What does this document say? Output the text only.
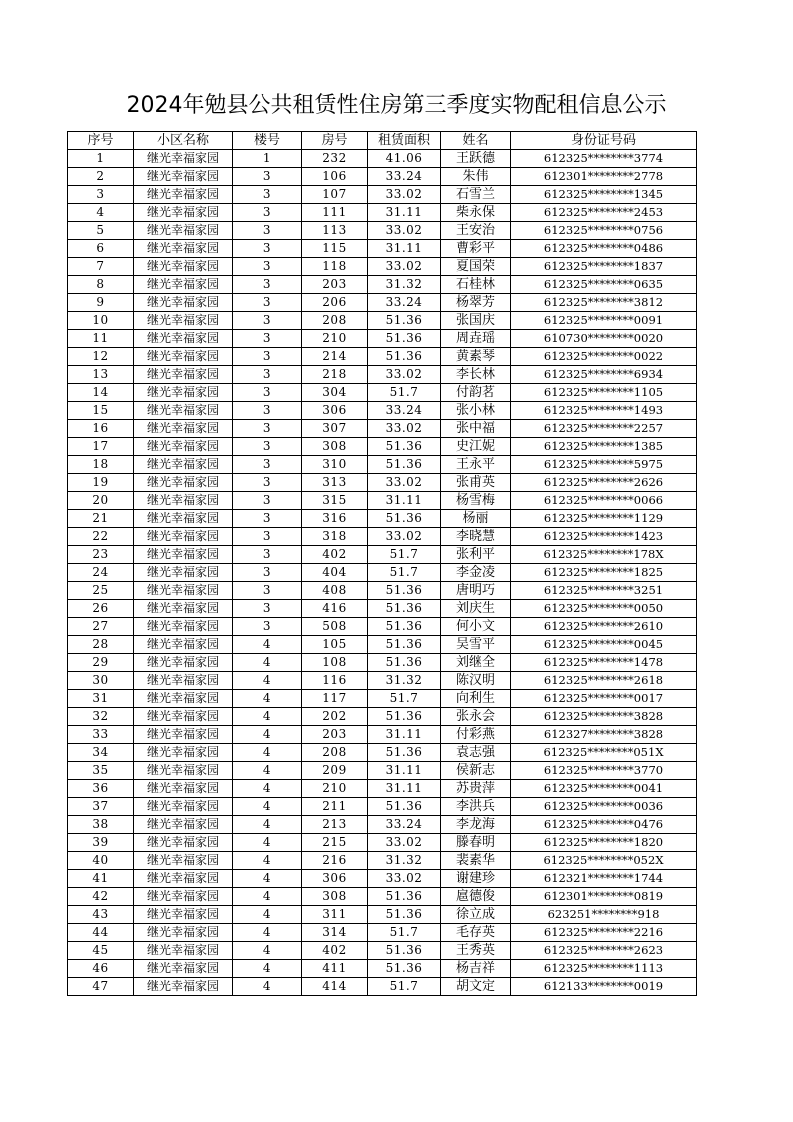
2024年勉县公共租赁性住房第三季度实物配租信息公示
序号	小区名称	楼号	房号	租赁面积	姓名	身份证号码
1	继光幸福家园	1	232	41.06	王跃德	612325********3774
2	继光幸福家园	3	106	33.24	朱伟	612301********2778
3	继光幸福家园	3	107	33.02	石雪兰	612325********1345
4	继光幸福家园	3	111	31.11	柴永保	612325********2453
5	继光幸福家园	3	113	33.02	王安治	612325********0756
6	继光幸福家园	3	115	31.11	曹彩平	612325********0486
7	继光幸福家园	3	118	33.02	夏国荣	612325********1837
8	继光幸福家园	3	203	31.32	石桂林	612325********0635
9	继光幸福家园	3	206	33.24	杨翠芳	612325********3812
10	继光幸福家园	3	208	51.36	张国庆	612325********0091
11	继光幸福家园	3	210	51.36	周垚瑶	610730********0020
12	继光幸福家园	3	214	51.36	黄素琴	612325********0022
13	继光幸福家园	3	218	33.02	李长林	612325********6934
14	继光幸福家园	3	304	51.7	付韵茗	612325********1105
15	继光幸福家园	3	306	33.24	张小林	612325********1493
16	继光幸福家园	3	307	33.02	张中福	612325********2257
17	继光幸福家园	3	308	51.36	史江妮	612325********1385
18	继光幸福家园	3	310	51.36	王永平	612325********5975
19	继光幸福家园	3	313	33.02	张甫英	612325********2626
20	继光幸福家园	3	315	31.11	杨雪梅	612325********0066
21	继光幸福家园	3	316	51.36	杨丽	612325********1129
22	继光幸福家园	3	318	33.02	李晓慧	612325********1423
23	继光幸福家园	3	402	51.7	张利平	612325********178X
24	继光幸福家园	3	404	51.7	李金凌	612325********1825
25	继光幸福家园	3	408	51.36	唐明巧	612325********3251
26	继光幸福家园	3	416	51.36	刘庆生	612325********0050
27	继光幸福家园	3	508	51.36	何小文	612325********2610
28	继光幸福家园	4	105	51.36	吴雪平	612325********0045
29	继光幸福家园	4	108	51.36	刘继全	612325********1478
30	继光幸福家园	4	116	31.32	陈汉明	612325********2618
31	继光幸福家园	4	117	51.7	向利生	612325********0017
32	继光幸福家园	4	202	51.36	张永会	612325********3828
33	继光幸福家园	4	203	31.11	付彩燕	612327********3828
34	继光幸福家园	4	208	51.36	袁志强	612325********051X
35	继光幸福家园	4	209	31.11	侯新志	612325********3770
36	继光幸福家园	4	210	31.11	苏贵萍	612325********0041
37	继光幸福家园	4	211	51.36	李洪兵	612325********0036
38	继光幸福家园	4	213	33.24	李龙海	612325********0476
39	继光幸福家园	4	215	33.02	滕春明	612325********1820
40	继光幸福家园	4	216	31.32	裴素华	612325********052X
41	继光幸福家园	4	306	33.02	谢建珍	612321********1744
42	继光幸福家园	4	308	51.36	扈德俊	612301********0819
43	继光幸福家园	4	311	51.36	徐立成	623251********918
44	继光幸福家园	4	314	51.7	毛存英	612325********2216
45	继光幸福家园	4	402	51.36	王秀英	612325********2623
46	继光幸福家园	4	411	51.36	杨吉祥	612325********1113
47	继光幸福家园	4	414	51.7	胡文定	612133********0019
